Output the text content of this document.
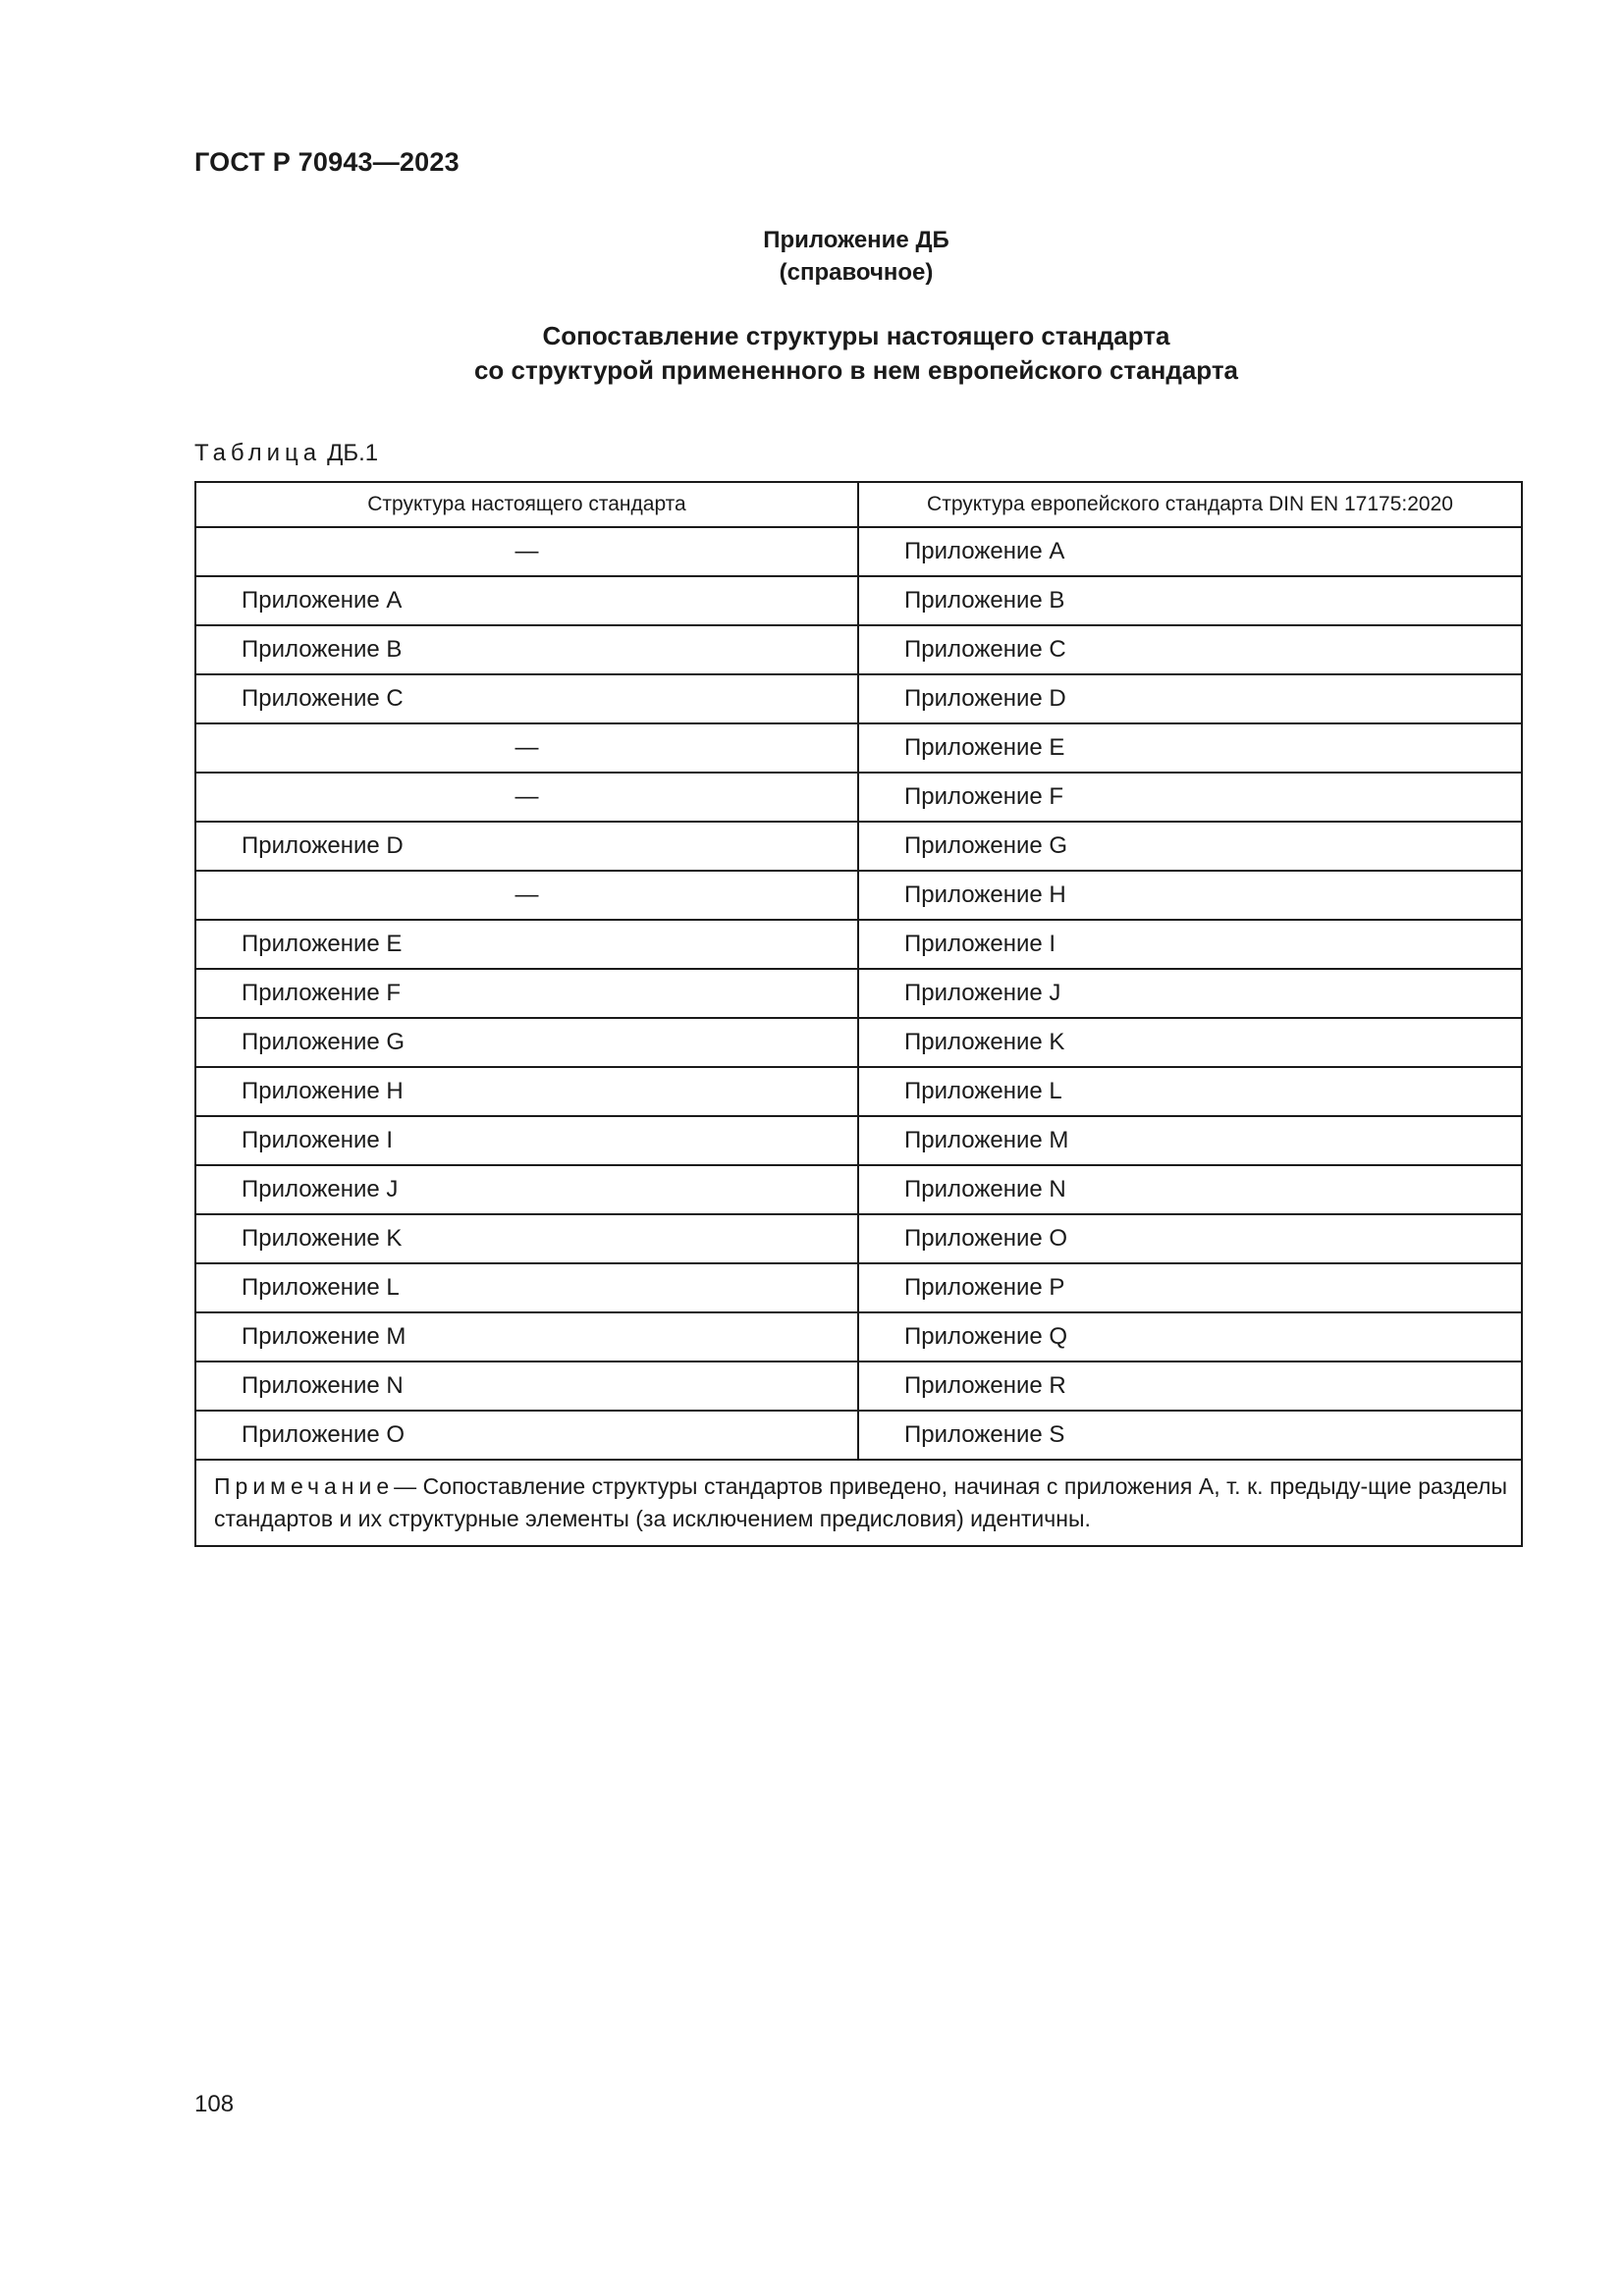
ГОСТ Р 70943—2023
Приложение ДБ
(справочное)
Сопоставление структуры настоящего стандарта
со структурой примененного в нем европейского стандарта
Таблица ДБ.1
Структура настоящего стандарта	Структура европейского стандарта DIN EN 17175:2020
—	Приложение А
Приложение А	Приложение В
Приложение В	Приложение С
Приложение С	Приложение D
—	Приложение Е
—	Приложение F
Приложение D	Приложение G
—	Приложение Н
Приложение Е	Приложение I
Приложение F	Приложение J
Приложение G	Приложение K
Приложение Н	Приложение L
Приложение I	Приложение М
Приложение J	Приложение N
Приложение K	Приложение О
Приложение L	Приложение Р
Приложение М	Приложение Q
Приложение N	Приложение R
Приложение О	Приложение S
Примечание— Сопоставление структуры стандартов приведено, начиная с приложения А, т. к. предыду-щие разделы стандартов и их структурные элементы (за исключением предисловия) идентичны.	
108
